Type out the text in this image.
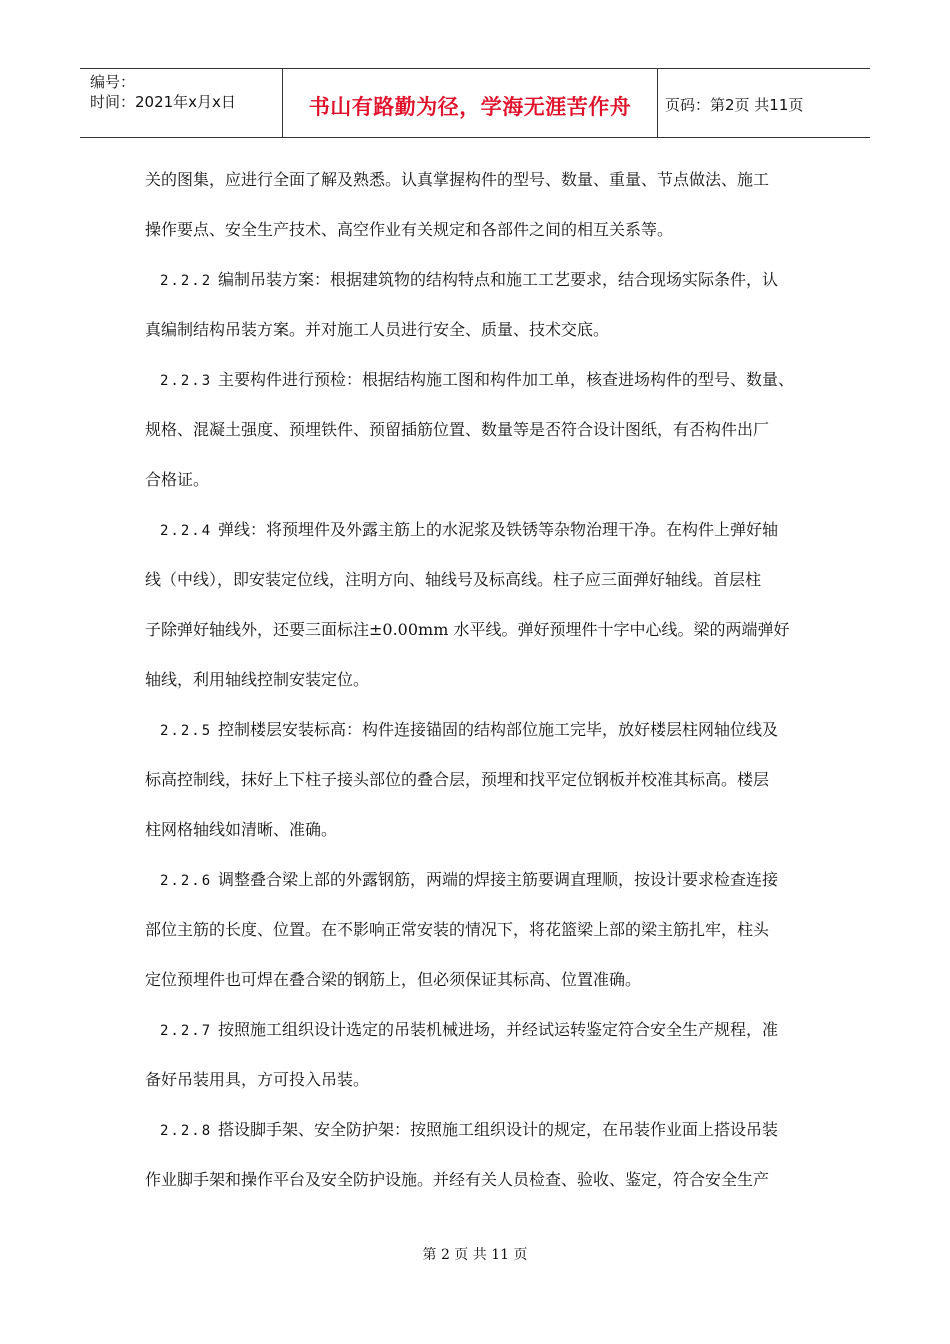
编号：
时间：2021年x月x日	书山有路勤为径，学海无涯苦作舟	页码：第2页 共11页
关的图集，应进行全面了解及熟悉。认真掌握构件的型号、数量、重量、节点做法、施工
操作要点、安全生产技术、高空作业有关规定和各部件之间的相互关系等。
2.2.2 编制吊装方案：根据建筑物的结构特点和施工工艺要求，结合现场实际条件，认
真编制结构吊装方案。并对施工人员进行安全、质量、技术交底。
2.2.3 主要构件进行预检：根据结构施工图和构件加工单，核查进场构件的型号、数量、
规格、混凝土强度、预埋铁件、预留插筋位置、数量等是否符合设计图纸，有否构件出厂
合格证。
2.2.4 弹线：将预埋件及外露主筋上的水泥浆及铁锈等杂物治理干净。在构件上弹好轴
线（中线），即安装定位线，注明方向、轴线号及标高线。柱子应三面弹好轴线。首层柱
子除弹好轴线外，还要三面标注±0.00mm 水平线。弹好预埋件十字中心线。梁的两端弹好
轴线，利用轴线控制安装定位。
2.2.5 控制楼层安装标高：构件连接锚固的结构部位施工完毕，放好楼层柱网轴位线及
标高控制线，抹好上下柱子接头部位的叠合层，预埋和找平定位钢板并校准其标高。楼层
柱网格轴线如清晰、准确。
2.2.6 调整叠合梁上部的外露钢筋，两端的焊接主筋要调直理顺，按设计要求检查连接
部位主筋的长度、位置。在不影响正常安装的情况下，将花篮梁上部的梁主筋扎牢，柱头
定位预埋件也可焊在叠合梁的钢筋上，但必须保证其标高、位置准确。
2.2.7 按照施工组织设计选定的吊装机械进场，并经试运转鉴定符合安全生产规程，准
备好吊装用具，方可投入吊装。
2.2.8 搭设脚手架、安全防护架：按照施工组织设计的规定，在吊装作业面上搭设吊装
作业脚手架和操作平台及安全防护设施。并经有关人员检查、验收、鉴定，符合安全生产
第 2 页 共 11 页
